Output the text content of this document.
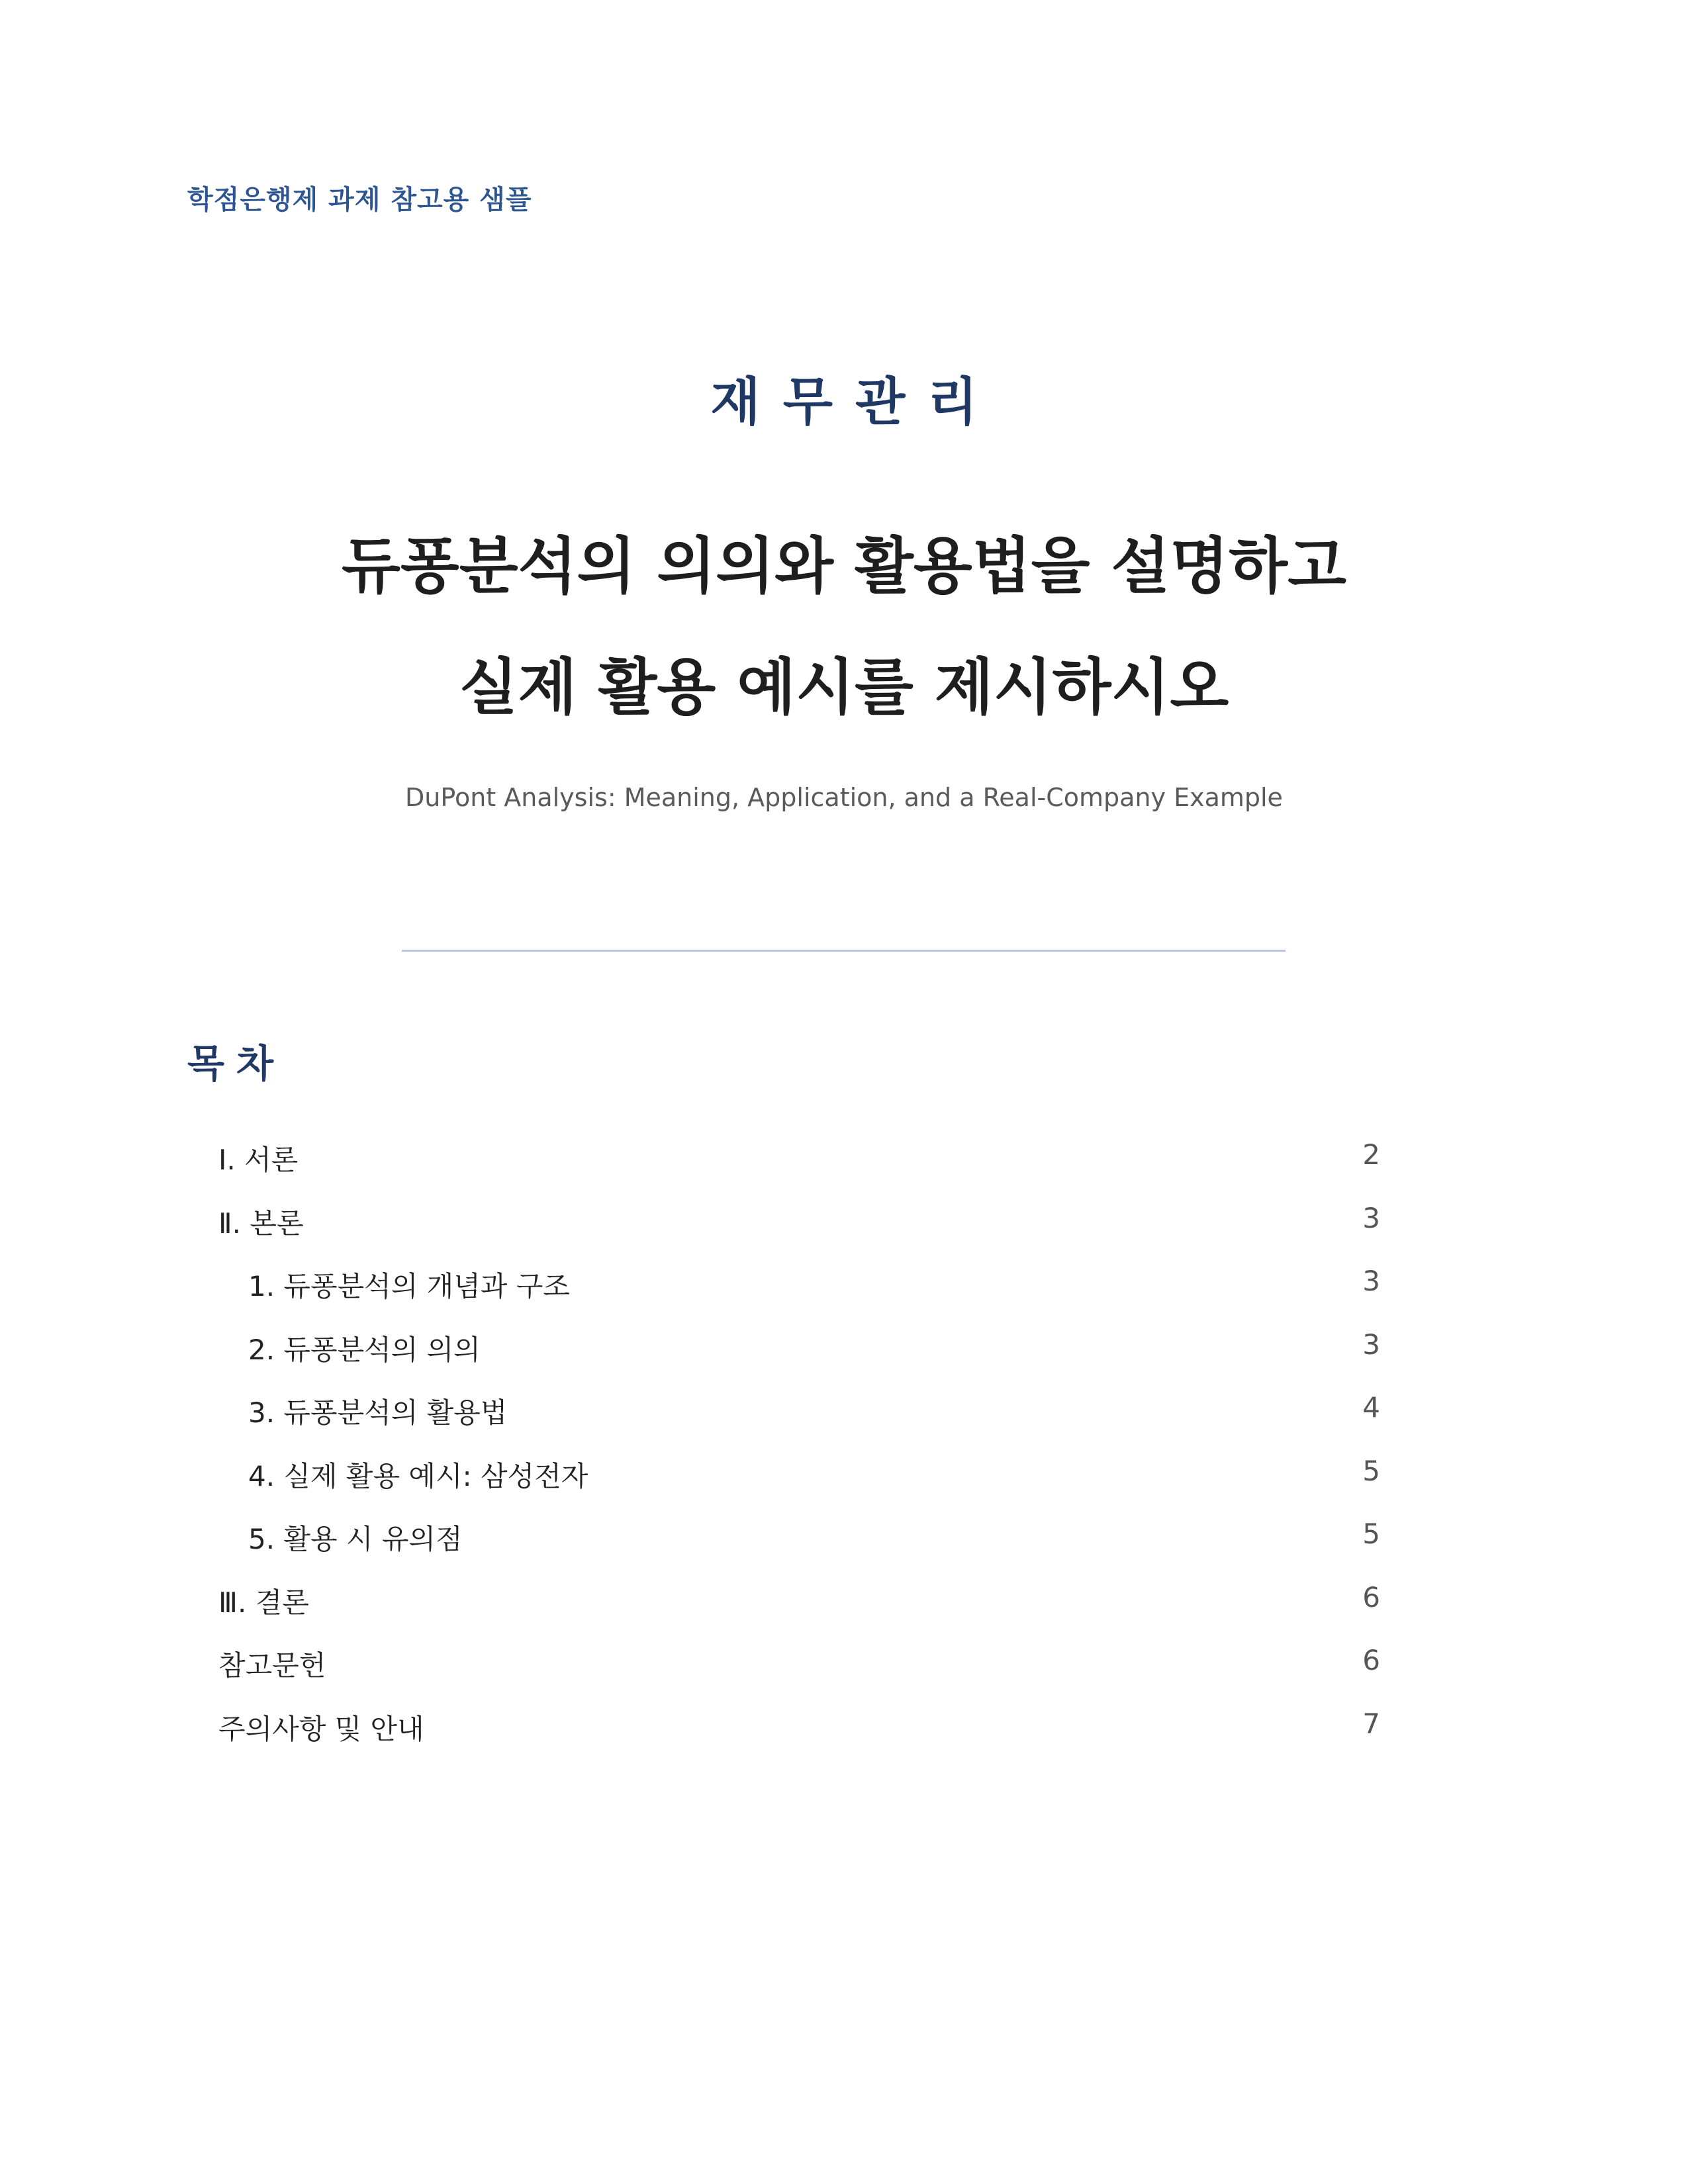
학점은행제 과제 참고용 샘플
재무관리
듀퐁분석의 의의와 활용법을 설명하고
실제 활용 예시를 제시하시오
DuPont Analysis: Meaning, Application, and a Real-Company Example
목차
Ⅰ. 서론	2
Ⅱ. 본론	3
1. 듀퐁분석의 개념과 구조	3
2. 듀퐁분석의 의의	3
3. 듀퐁분석의 활용법	4
4. 실제 활용 예시: 삼성전자	5
5. 활용 시 유의점	5
Ⅲ. 결론	6
참고문헌	6
주의사항 및 안내	7
